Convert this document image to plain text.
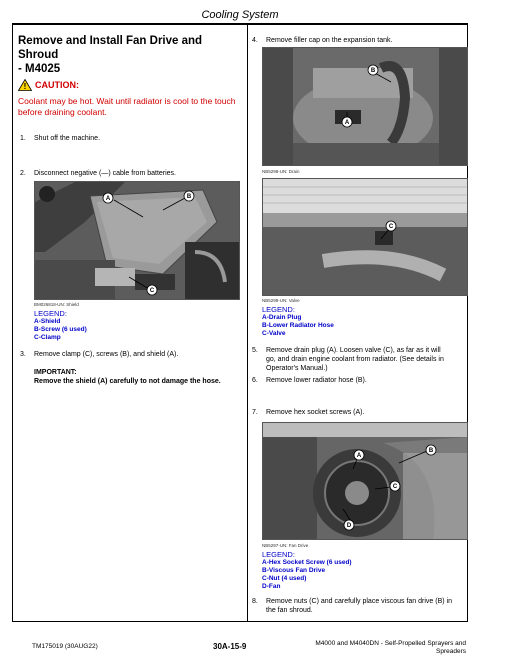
Cooling System
Remove and Install Fan Drive and Shroud
- M4025
! CAUTION:
Coolant may be hot. Wait until radiator is cool to the touch
before draining coolant.
1. Shut off the machine.
2. Disconnect negative (—) cable from batteries.
A	B
C
BM026818-UN: Shield
LEGEND:
A-Shield
B-Screw (6 used)
C-Clamp
3. Remove clamp (C), screws (B), and shield (A).
IMPORTANT:
Remove the shield (A) carefully to not damage the hose.
4. Remove filler cap on the expansion tank.
B
A
NB5298-UN: Drain
C
NB5299-UN: Valve
LEGEND:
A-Drain Plug
B-Lower Radiator Hose
C-Valve
5.	Remove drain plug (A). Loosen valve (C), as far as it will
go, and drain engine coolant from radiator. (See details in
Operator's Manual.)
6. Remove lower radiator hose (B).
7. Remove hex socket screws (A).
A
B
C
D
NB5297-UN: Fan Drive
LEGEND:
A-Hex Socket Screw (6 used)
B-Viscous Fan Drive
C-Nut (4 used)
D-Fan
8.	Remove nuts (C) and carefully place viscous fan drive (B) in
the fan shroud.
TM175019 (30AUG22)	30A-15-9	M4000 and M4040DN - Self-Propelled Sprayers and
Spreaders
